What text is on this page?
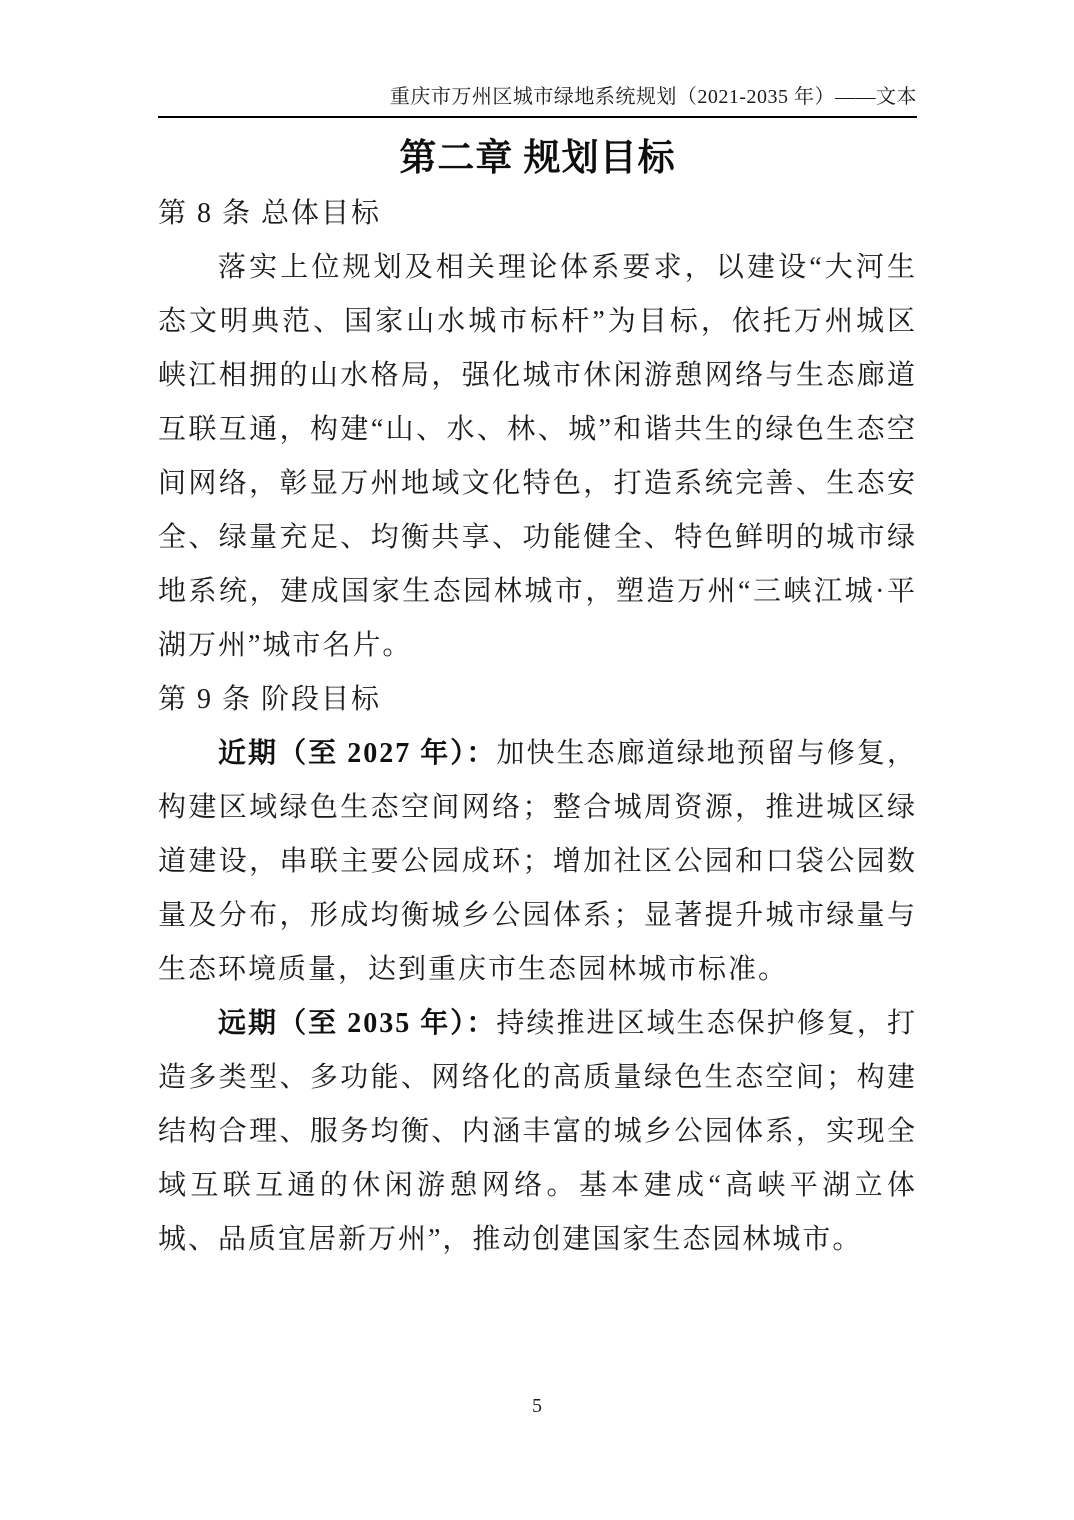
重庆市万州区城市绿地系统规划（2021-2035 年）——文本
第二章 规划目标
第 8 条 总体目标

落实上位规划及相关理论体系要求，以建设“大河生态文明典范、国家山水城市标杆”为目标，依托万州城区峡江相拥的山水格局，强化城市休闲游憩网络与生态廊道互联互通，构建“山、水、林、城”和谐共生的绿色生态空间网络，彰显万州地域文化特色，打造系统完善、生态安全、绿量充足、均衡共享、功能健全、特色鲜明的城市绿地系统，建成国家生态园林城市，塑造万州“三峡江城·平湖万州”城市名片。

第 9 条 阶段目标

近期（至 2027 年）：加快生态廊道绿地预留与修复，构建区域绿色生态空间网络；整合城周资源，推进城区绿道建设，串联主要公园成环；增加社区公园和口袋公园数量及分布，形成均衡城乡公园体系；显著提升城市绿量与生态环境质量，达到重庆市生态园林城市标准。

远期（至 2035 年）：持续推进区域生态保护修复，打造多类型、多功能、网络化的高质量绿色生态空间；构建结构合理、服务均衡、内涵丰富的城乡公园体系，实现全域互联互通的休闲游憩网络。基本建成“高峡平湖立体城、品质宜居新万州”，推动创建国家生态园林城市。

5
